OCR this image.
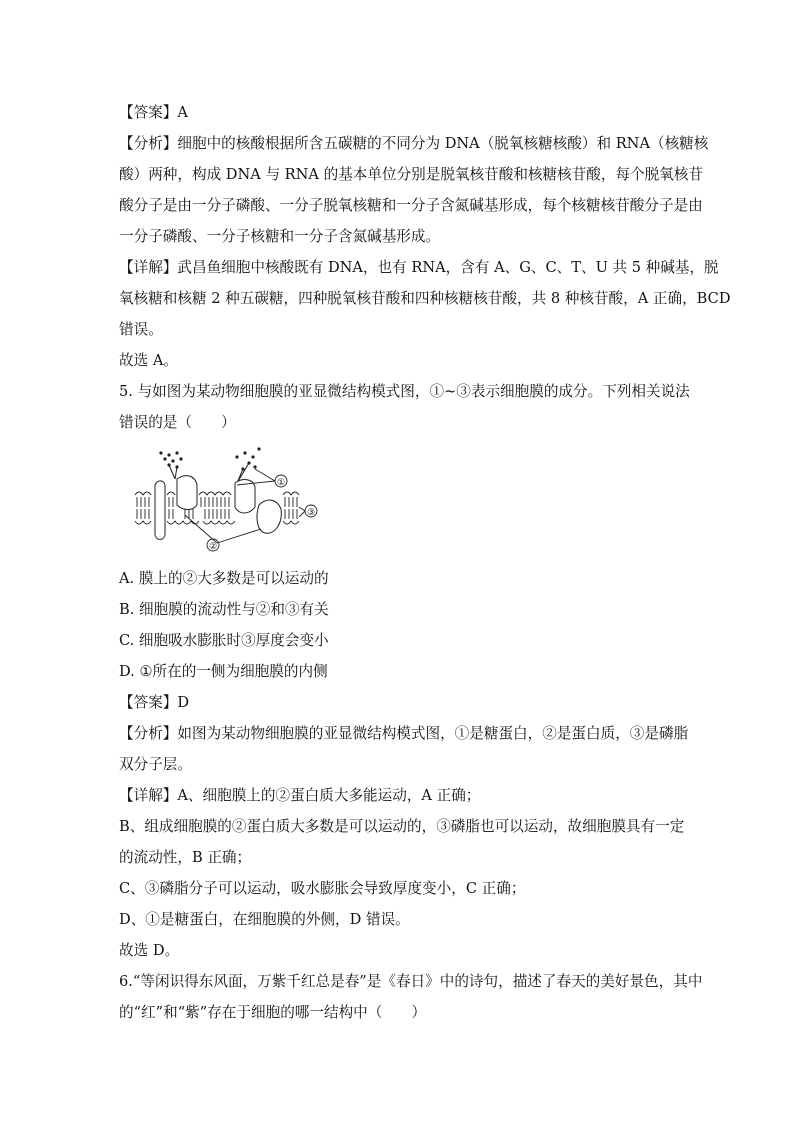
【答案】A
【分析】细胞中的核酸根据所含五碳糖的不同分为 DNA（脱氧核糖核酸）和 RNA（核糖核
酸）两种，构成 DNA 与 RNA 的基本单位分别是脱氧核苷酸和核糖核苷酸，每个脱氧核苷
酸分子是由一分子磷酸、一分子脱氧核糖和一分子含氮碱基形成，每个核糖核苷酸分子是由
一分子磷酸、一分子核糖和一分子含氮碱基形成。
【详解】武昌鱼细胞中核酸既有 DNA，也有 RNA，含有 A、G、C、T、U 共 5 种碱基，脱
氧核糖和核糖 2 种五碳糖，四种脱氧核苷酸和四种核糖核苷酸，共 8 种核苷酸，A 正确，BCD
错误。
故选 A。
5. 与如图为某动物细胞膜的亚显微结构模式图，①~③表示细胞膜的成分。下列相关说法
错误的是（　　）
①
②
③
A. 膜上的②大多数是可以运动的
B. 细胞膜的流动性与②和③有关
C. 细胞吸水膨胀时③厚度会变小
D. ①所在的一侧为细胞膜的内侧
【答案】D
【分析】如图为某动物细胞膜的亚显微结构模式图，①是糖蛋白，②是蛋白质，③是磷脂
双分子层。
【详解】A、细胞膜上的②蛋白质大多能运动，A 正确；
B、组成细胞膜的②蛋白质大多数是可以运动的，③磷脂也可以运动，故细胞膜具有一定
的流动性，B 正确；
C、③磷脂分子可以运动，吸水膨胀会导致厚度变小，C 正确；
D、①是糖蛋白，在细胞膜的外侧，D 错误。
故选 D。
6.“等闲识得东风面，万紫千红总是春”是《春日》中的诗句，描述了春天的美好景色，其中
的“红”和“紫”存在于细胞的哪一结构中（　　）
